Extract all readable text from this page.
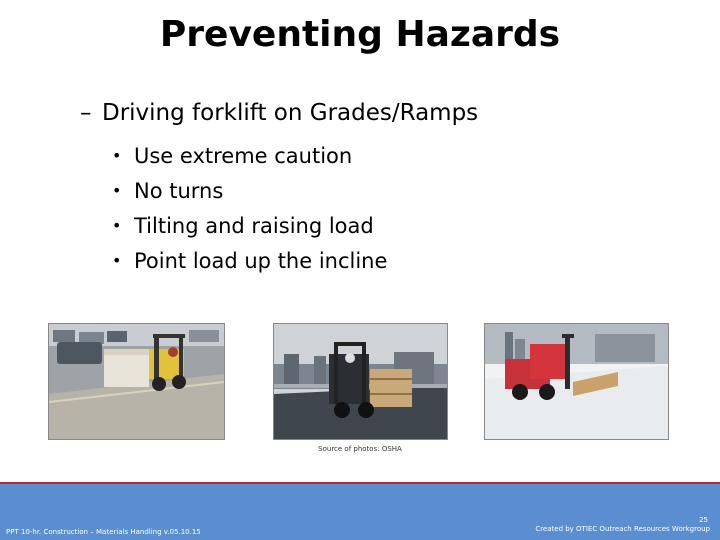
Preventing Hazards
– Driving forklift on Grades/Ramps
• Use extreme caution
• No turns
• Tilting and raising load
• Point load up the incline
Source of photos: OSHA
PPT 10-hr. Construction – Materials Handling v.05.10.15
25
Created by OTIEC Outreach Resources Workgroup
